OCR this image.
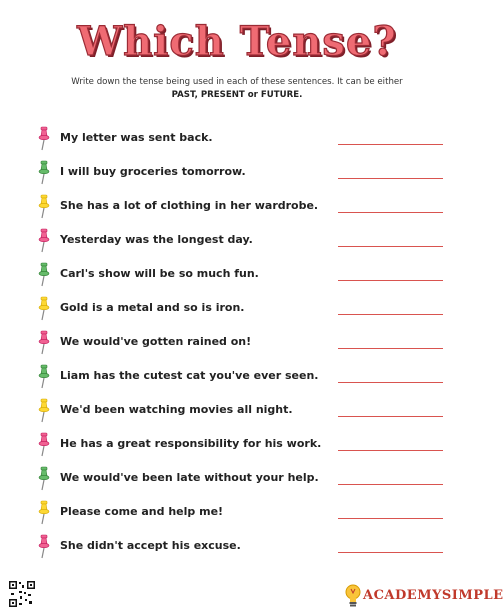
Which Tense?
Write down the tense being used in each of these sentences. It can be either
PAST, PRESENT or FUTURE.
My letter was sent back.
I will buy groceries tomorrow.
She has a lot of clothing in her wardrobe.
Yesterday was the longest day.
Carl's show will be so much fun.
Gold is a metal and so is iron.
We would've gotten rained on!
Liam has the cutest cat you've ever seen.
We'd been watching movies all night.
He has a great responsibility for his work.
We would've been late without your help.
Please come and help me!
She didn't accept his excuse.
ACADEMYSIMPLE
